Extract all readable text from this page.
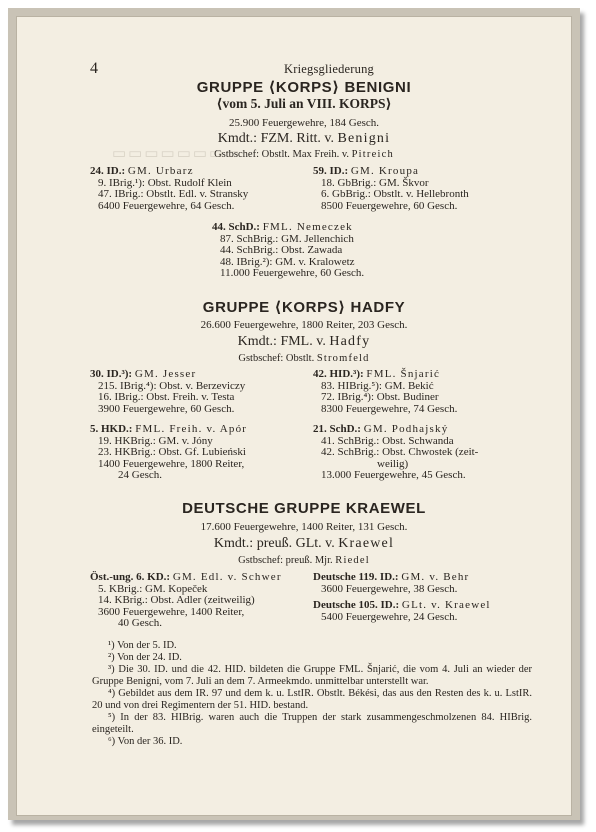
▭▭▭▭▭▭▭▭
4	Kriegsgliederung
GRUPPE ⟨KORPS⟩ BENIGNI
⟨vom 5. Juli an VIII. KORPS⟩
25.900 Feuergewehre, 184 Gesch.
Kmdt.: FZM. Ritt. v. Benigni
Gstbschef: Obstlt. Max Freih. v. Pitreich
24. ID.: GM. Urbarz
9. IBrig.¹): Obst. Rudolf Klein
47. IBrig.: Obstlt. Edl. v. Stransky
6400 Feuergewehre, 64 Gesch.
59. ID.: GM. Kroupa
18. GbBrig.: GM. Škvor
6. GbBrig.: Obstlt. v. Hellebronth
8500 Feuergewehre, 60 Gesch.
44. SchD.: FML. Nemeczek
87. SchBrig.: GM. Jellenchich
44. SchBrig.: Obst. Zawada
48. IBrig.²): GM. v. Kralowetz
11.000 Feuergewehre, 60 Gesch.
GRUPPE ⟨KORPS⟩ HADFY
26.600 Feuergewehre, 1800 Reiter, 203 Gesch.
Kmdt.: FML. v. Hadfy
Gstbschef: Obstlt. Stromfeld
30. ID.³): GM. Jesser
215. IBrig.⁴): Obst. v. Berzeviczy
16. IBrig.: Obst. Freih. v. Testa
3900 Feuergewehre, 60 Gesch.
42. HID.³): FML. Šnjarić
83. HIBrig.⁵): GM. Bekić
72. IBrig.⁴): Obst. Budiner
8300 Feuergewehre, 74 Gesch.
5. HKD.: FML. Freih. v. Apór
19. HKBrig.: GM. v. Jóny
23. HKBrig.: Obst. Gf. Lubieński
1400 Feuergewehre, 1800 Reiter,
24 Gesch.
21. SchD.: GM. Podhajský
41. SchBrig.: Obst. Schwanda
42. SchBrig.: Obst. Chwostek (zeit-
weilig)
13.000 Feuergewehre, 45 Gesch.
DEUTSCHE GRUPPE KRAEWEL
17.600 Feuergewehre, 1400 Reiter, 131 Gesch.
Kmdt.: preuß. GLt. v. Kraewel
Gstbschef: preuß. Mjr. Riedel
Öst.-ung. 6. KD.: GM. Edl. v. Schwer
5. KBrig.: GM. Kopeček
14. KBrig.: Obst. Adler (zeitweilig)
3600 Feuergewehre, 1400 Reiter,
40 Gesch.
Deutsche 119. ID.: GM. v. Behr
3600 Feuergewehre, 38 Gesch.
Deutsche 105. ID.: GLt. v. Kraewel
5400 Feuergewehre, 24 Gesch.
¹) Von der 5. ID.
²) Von der 24. ID.
³) Die 30. ID. und die 42. HID. bildeten die Gruppe FML. Šnjarić, die vom 4. Juli an wieder der Gruppe Benigni, vom 7. Juli an dem 7. Armeekmdo. unmittelbar unterstellt war.
⁴) Gebildet aus dem IR. 97 und dem k. u. LstIR. Obstlt. Békési, das aus den Resten des k. u. LstIR. 20 und von drei Regimentern der 51. HID. bestand.
⁵) In der 83. HIBrig. waren auch die Truppen der stark zusammengeschmolzenen 84. HIBrig. eingeteilt.
⁶) Von der 36. ID.
